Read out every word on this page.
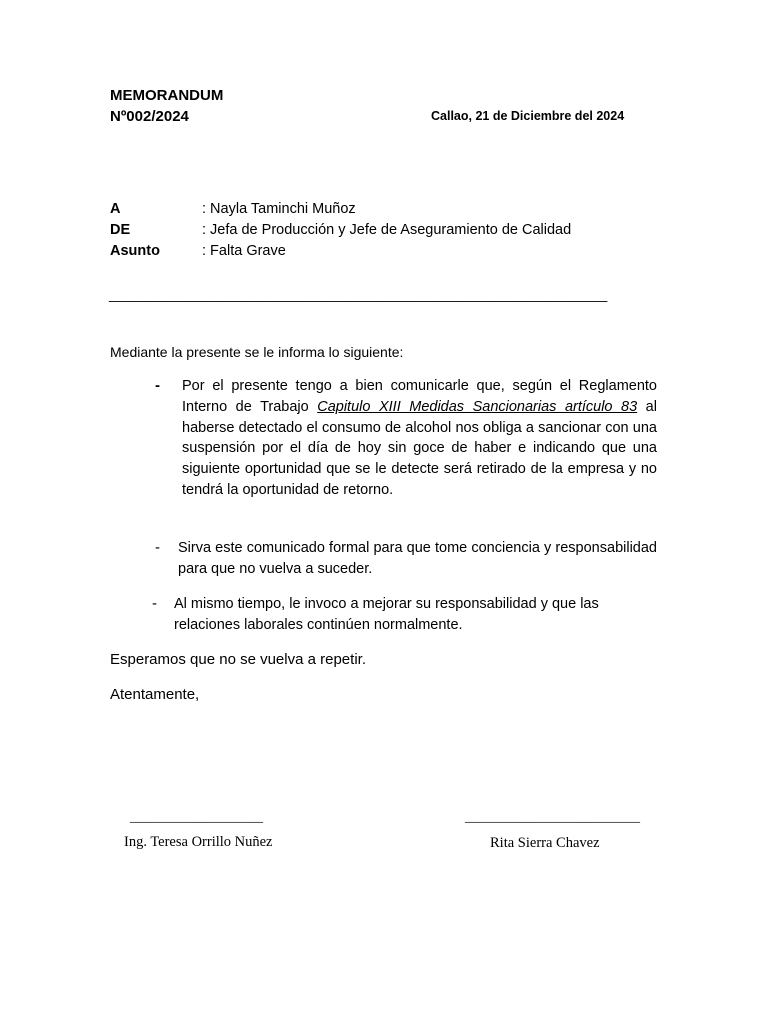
MEMORANDUM
Nº002/2024	Callao, 21 de Diciembre del 2024
A	: Nayla Taminchi Muñoz
DE	: Jefa de Producción y Jefe de Aseguramiento de Calidad
Asunto	: Falta Grave
________________________________________________________________
Mediante la presente se le informa lo siguiente:
- Por el presente tengo a bien comunicarle que, según el Reglamento Interno de Trabajo Capitulo XIII Medidas Sancionarias artículo 83 al haberse detectado el consumo de alcohol nos obliga a sancionar con una suspensión por el día de hoy sin goce de haber e indicando que una siguiente oportunidad que se le detecte será retirado de la empresa y no tendrá la oportunidad de retorno.
- Sirva este comunicado formal para que tome conciencia y responsabilidad para que no vuelva a suceder.
- Al mismo tiempo, le invoco a mejorar su responsabilidad y que las relaciones laborales continúen normalmente.
Esperamos que no se vuelva a repetir.
Atentamente,
___________________
Ing. Teresa Orrillo Nuñez
_________________________
Rita Sierra Chavez
